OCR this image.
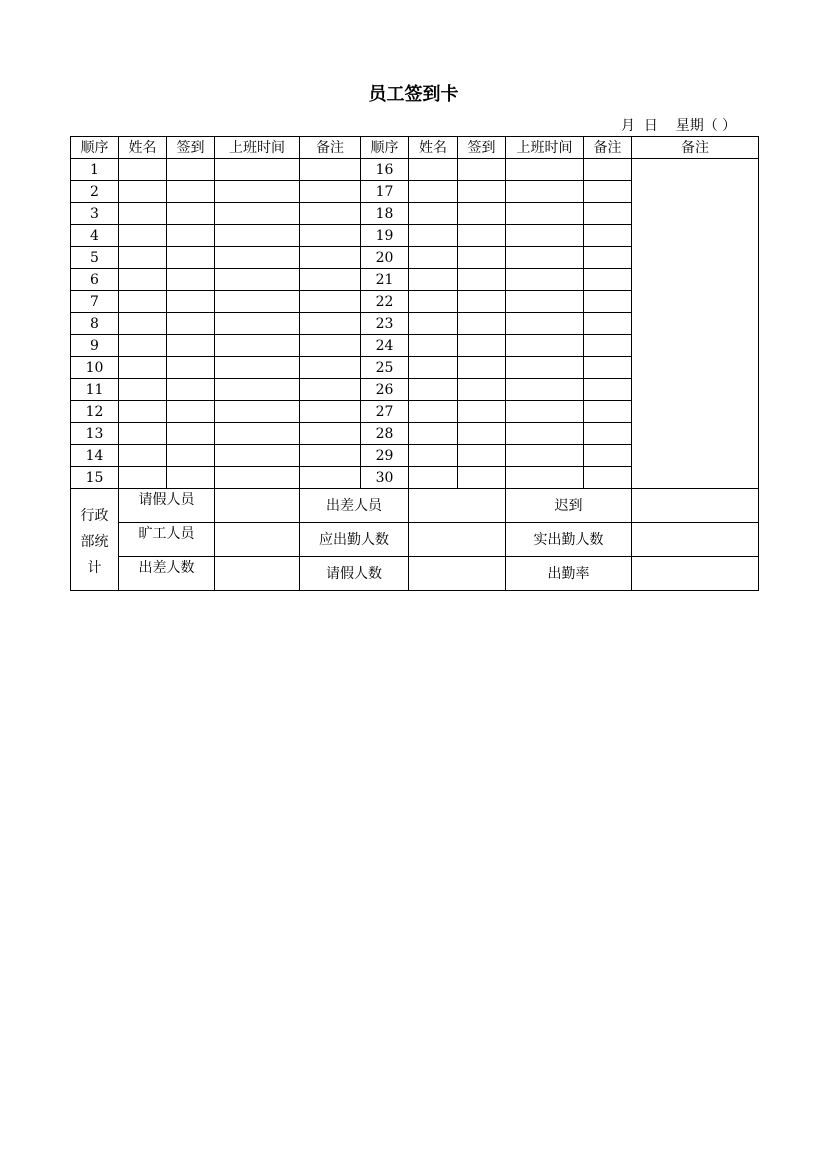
员工签到卡
月 日 星期（ ）
顺序	姓名	签到	上班时间	备注	顺序	姓名	签到	上班时间	备注	备注
1					16					
2					17					
3					18					
4					19					
5					20					
6					21					
7					22					
8					23					
9					24					
10					25					
11					26					
12					27					
13					28					
14					29					
15					30					

行政
部统
计	请假人员			出差人员				迟到		
	旷工人员			应出勤人数				实出勤人数		
	出差人数			请假人数				出勤率		
